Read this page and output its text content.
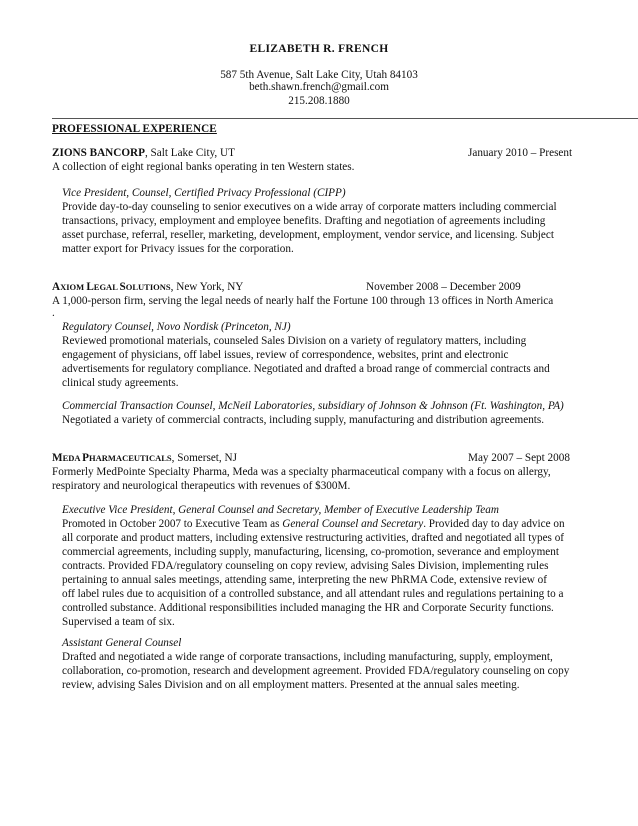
ELIZABETH R. FRENCH
587 5th Avenue, Salt Lake City, Utah 84103
beth.shawn.french@gmail.com
215.208.1880
PROFESSIONAL EXPERIENCE
ZIONS BANCORP, Salt Lake City, UT	January 2010 – Present
A collection of eight regional banks operating in ten Western states.
Vice President, Counsel, Certified Privacy Professional (CIPP)
Provide day-to-day counseling to senior executives on a wide array of corporate matters including commercial
transactions, privacy, employment and employee benefits. Drafting and negotiation of agreements including
asset purchase, referral, reseller, marketing, development, employment, vendor service, and licensing. Subject
matter export for Privacy issues for the corporation.
AXIOM LEGAL SOLUTIONS, New York, NY	November 2008 – December 2009
A 1,000-person firm, serving the legal needs of nearly half the Fortune 100 through 13 offices in North America
.
Regulatory Counsel, Novo Nordisk (Princeton, NJ)
Reviewed promotional materials, counseled Sales Division on a variety of regulatory matters, including
engagement of physicians, off label issues, review of correspondence, websites, print and electronic
advertisements for regulatory compliance. Negotiated and drafted a broad range of commercial contracts and
clinical study agreements.
Commercial Transaction Counsel, McNeil Laboratories, subsidiary of Johnson & Johnson (Ft. Washington, PA)
Negotiated a variety of commercial contracts, including supply, manufacturing and distribution agreements.
MEDA PHARMACEUTICALS, Somerset, NJ	May 2007 – Sept 2008
Formerly MedPointe Specialty Pharma, Meda was a specialty pharmaceutical company with a focus on allergy,
respiratory and neurological therapeutics with revenues of $300M.
Executive Vice President, General Counsel and Secretary, Member of Executive Leadership Team
Promoted in October 2007 to Executive Team as General Counsel and Secretary. Provided day to day advice on
all corporate and product matters, including extensive restructuring activities, drafted and negotiated all types of
commercial agreements, including supply, manufacturing, licensing, co-promotion, severance and employment
contracts. Provided FDA/regulatory counseling on copy review, advising Sales Division, implementing rules
pertaining to annual sales meetings, attending same, interpreting the new PhRMA Code, extensive review of
off label rules due to acquisition of a controlled substance, and all attendant rules and regulations pertaining to a
controlled substance. Additional responsibilities included managing the HR and Corporate Security functions.
Supervised a team of six.
Assistant General Counsel
Drafted and negotiated a wide range of corporate transactions, including manufacturing, supply, employment,
collaboration, co-promotion, research and development agreement. Provided FDA/regulatory counseling on copy
review, advising Sales Division and on all employment matters. Presented at the annual sales meeting.
